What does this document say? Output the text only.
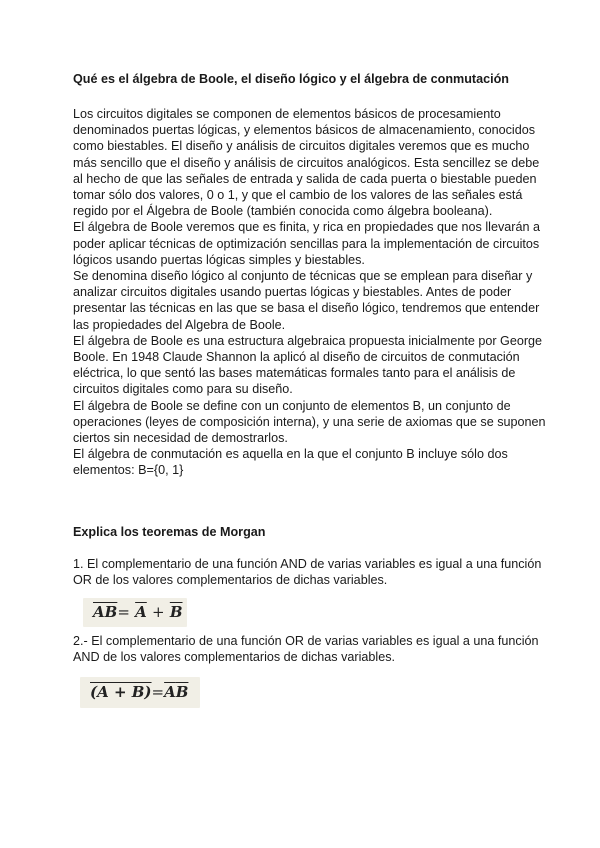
Qué es el álgebra de Boole, el diseño lógico y el álgebra de conmutación
Los circuitos digitales se componen de elementos básicos de procesamiento
denominados puertas lógicas, y elementos básicos de almacenamiento, conocidos
como biestables. El diseño y análisis de circuitos digitales veremos que es mucho
más sencillo que el diseño y análisis de circuitos analógicos. Esta sencillez se debe
al hecho de que las señales de entrada y salida de cada puerta o biestable pueden
tomar sólo dos valores, 0 o 1, y que el cambio de los valores de las señales está
regido por el Álgebra de Boole (también conocida como álgebra booleana).
El álgebra de Boole veremos que es finita, y rica en propiedades que nos llevarán a
poder aplicar técnicas de optimización sencillas para la implementación de circuitos
lógicos usando puertas lógicas simples y biestables.
Se denomina diseño lógico al conjunto de técnicas que se emplean para diseñar y
analizar circuitos digitales usando puertas lógicas y biestables. Antes de poder
presentar las técnicas en las que se basa el diseño lógico, tendremos que entender
las propiedades del Algebra de Boole.
El álgebra de Boole es una estructura algebraica propuesta inicialmente por George
Boole. En 1948 Claude Shannon la aplicó al diseño de circuitos de conmutación
eléctrica, lo que sentó las bases matemáticas formales tanto para el análisis de
circuitos digitales como para su diseño.
El álgebra de Boole se define con un conjunto de elementos B, un conjunto de
operaciones (leyes de composición interna), y una serie de axiomas que se suponen
ciertos sin necesidad de demostrarlos.
El álgebra de conmutación es aquella en la que el conjunto B incluye sólo dos
elementos: B={0, 1}
Explica los teoremas de Morgan
1. El complementario de una función AND de varias variables es igual a una función
OR de los valores complementarios de dichas variables.
$\overline{AB}= \overline{A} + \overline{B}$
2.- El complementario de una función OR de varias variables es igual a una función
AND de los valores complementarios de dichas variables.
$(A + B)=\overline{A}\overline{B}$
